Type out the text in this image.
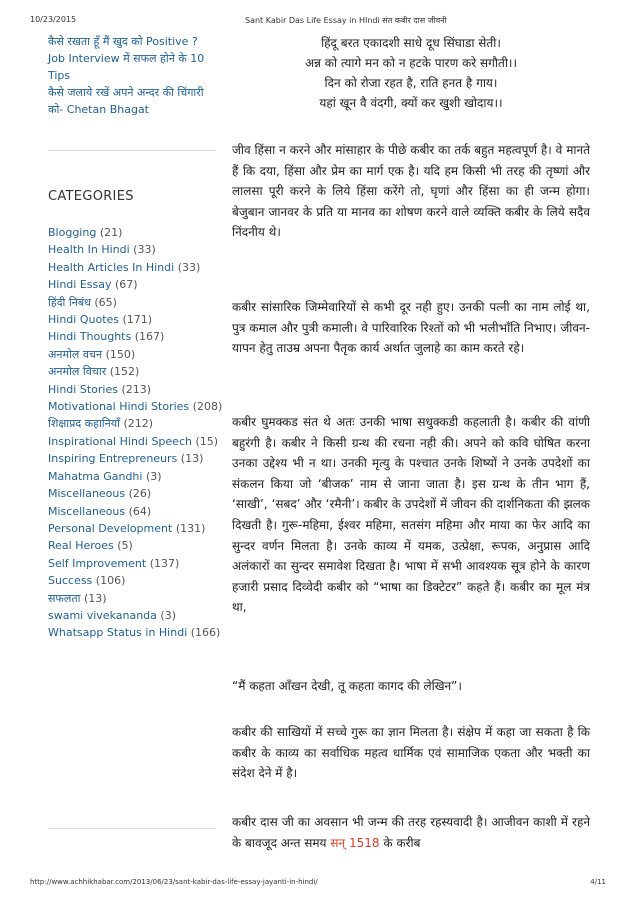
10/23/2015	Sant Kabir Das Life Essay in HIndi संत कबीर दास जीवनी
कैसे रखता हूँ मैं खुद को Positive ?
Job Interview में सफल होने के 10 Tips
कैसे जलाये रखें अपने अन्दर की चिंगारी को- Chetan Bhagat
CATEGORIES
Blogging (21)
Health In Hindi (33)
Health Articles In Hindi (33)
Hindi Essay (67)
हिंदी निबंध (65)
Hindi Quotes (171)
Hindi Thoughts (167)
अनमोल वचन (150)
अनमोल विचार (152)
Hindi Stories (213)
Motivational Hindi Stories (208)
शिक्षाप्रद कहानियाँ (212)
Inspirational Hindi Speech (15)
Inspiring Entrepreneurs (13)
Mahatma Gandhi (3)
Miscellaneous (26)
Miscellaneous (64)
Personal Development (131)
Real Heroes (5)
Self Improvement (137)
Success (106)
सफलता (13)
swami vivekananda (3)
Whatsapp Status in Hindi (166)

हिंदू बरत एकादशी साधे दूध सिंघाडा सेती।

अन्न को त्यागे मन को न हटके पारण करे सगौती।।

दिन को रोजा रहत है, राति हनत है गाय।

यहां खून वै वंदगी, क्यों कर खुशी खोदाय।।

जीव हिंसा न करने और मांसाहार के पीछे कबीर का तर्क बहुत महत्वपूर्ण है। वे मानते हैं कि दया, हिंसा और प्रेम का मार्ग एक है। यदि हम किसी भी तरह की तृष्णां और लालसा पूरी करने के लिये हिंसा करेंगे तो, घृणां और हिंसा का ही जन्म होगा। बेजुबान जानवर के प्रति या मानव का शोषण करने वाले व्यक्ति कबीर के लिये सदैव निंदनीय थे।

कबीर सांसारिक जिम्मेवारियों से कभी दूर नही हुए। उनकी पत्नी का नाम लोई था, पुत्र कमाल और पुत्री कमाली। वे पारिवारिक रिश्तों को भी भलीभाँति निभाए। जीवन-यापन हेतु ताउम्र अपना पैतृक कार्य अर्थात जुलाहे का काम करते रहे।

कबीर घुमक्कड संत थे अतः उनकी भाषा सधुक्कडी कहलाती है। कबीर की वांणी बहुरंगी है। कबीर ने किसी ग्रन्थ की रचना नही की। अपने को कवि घोषित करना उनका उद्देश्य भी न था। उनकी मृत्यु के पश्चात उनके शिष्यों ने उनके उपदेशों का संकलन किया जो ‘बीजक’ नाम से जाना जाता है। इस ग्रन्थ के तीन भाग हैं, ‘साखी’, ‘सबद’ और ‘रमैनी’। कबीर के उपदेशों में जीवन की दार्शनिकता की झलक दिखती है। गुरू-महिमा, ईश्वर महिमा, सतसंग महिमा और माया का फेर आदि का सुन्दर वर्णन मिलता है। उनके काव्य में यमक, उत्प्रेक्षा, रूपक, अनुप्रास आदि अलंकारों का सुन्दर समावेश दिखता है। भाषा में सभी आवश्यक सूत्र होने के कारण हजारी प्रसाद दिव्वेदी कबीर को “भाषा का डिक्टेटर” कहते हैं। कबीर का मूल मंत्र था,

“मैं कहता आँखन देखी, तू कहता कागद की लेखिन”।

कबीर की साखियों में सच्चे गुरू का ज्ञान मिलता है। संक्षेप में कहा जा सकता है कि कबीर के काव्य का सर्वाधिक महत्व धार्मिक एवं सामाजिक एकता और भक्ती का संदेश देने में है।

कबीर दास जी का अवसान भी जन्म की तरह रहस्यवादी है। आजीवन काशी में रहने के बावजूद अन्त समय सन् 1518 के करीब

http://www.achhikhabar.com/2013/06/23/sant-kabir-das-life-essay-jayanti-in-hindi/	4/11
